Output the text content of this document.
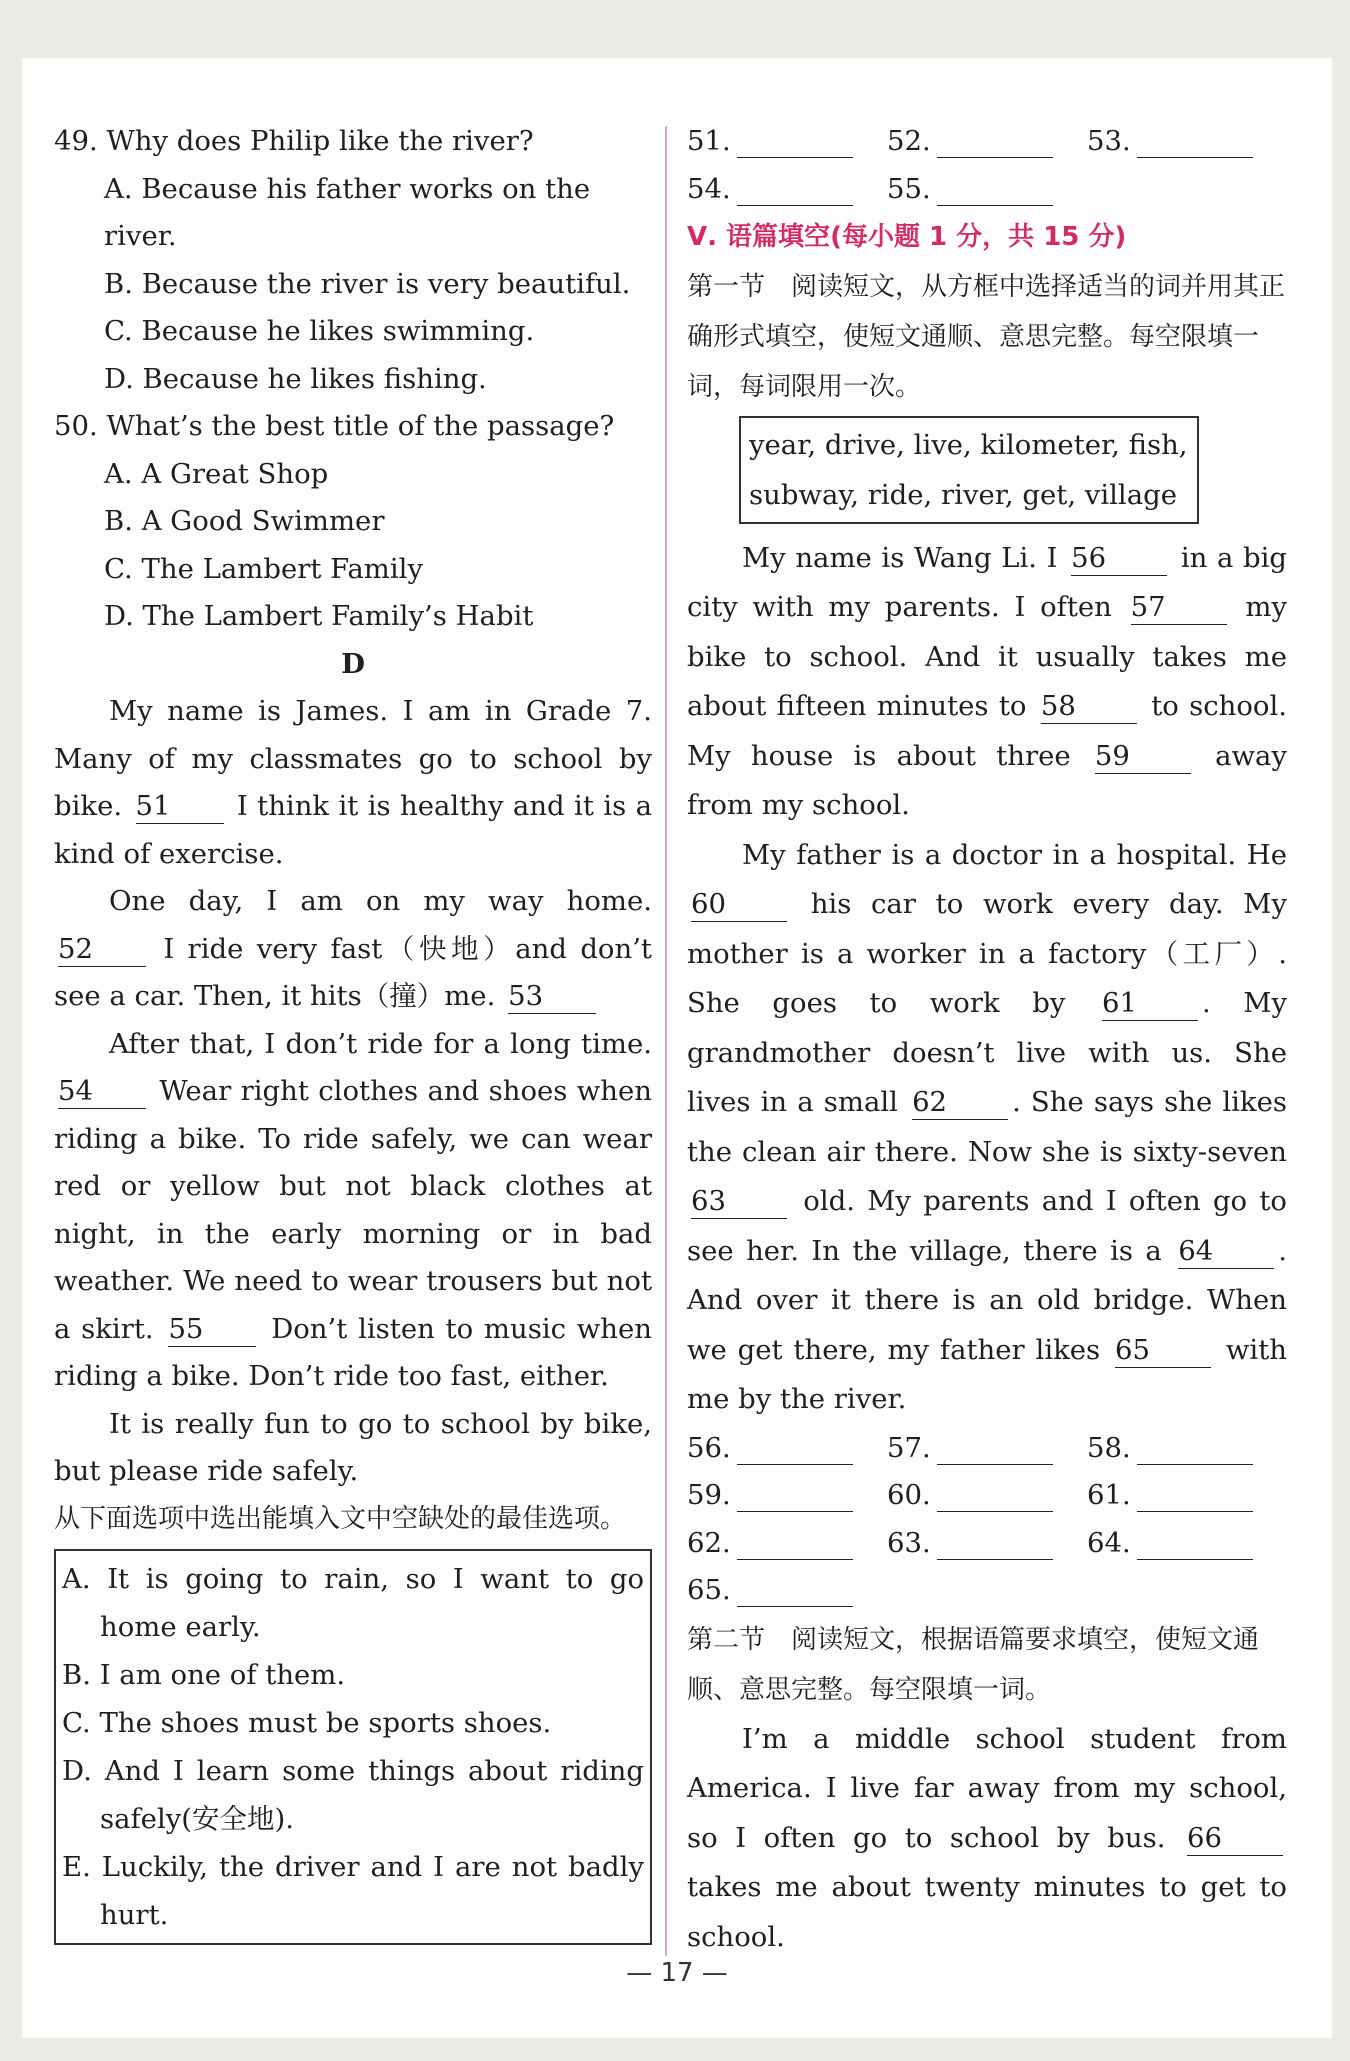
49. Why does Philip like the river?
A. Because his father works on the river.
B. Because the river is very beautiful.
C. Because he likes swimming.
D. Because he likes fishing.
50. What’s the best title of the passage?
A. A Great Shop
B. A Good Swimmer
C. The Lambert Family
D. The Lambert Family’s Habit
D
My name is James. I am in Grade 7. Many of my classmates go to school by bike. 51 I think it is healthy and it is a kind of exercise.
One day, I am on my way home. 52	I ride very fast（快地）and don’t see a car. Then, it hits（撞）me. 53
After that, I don’t ride for a long time. 54 Wear right clothes and shoes when riding a bike. To ride safely, we can wear red or yellow but not black clothes at night, in the early morning or in bad weather. We need to wear trousers but not a skirt. 55 Don’t listen to music when riding a bike. Don’t ride too fast, either.
It is really fun to go to school by bike, but please ride safely.
从下面选项中选出能填入文中空缺处的最佳选项。
A. It is going to rain, so I want to go home early.
B. I am one of them.
C. The shoes must be sports shoes.
D. And I learn some things about riding safely(安全地).
E. Luckily, the driver and I are not badly hurt.
51.	52.	53.
54.	55.
Ⅴ. 语篇填空(每小题 1 分，共 15 分)
第一节　阅读短文，从方框中选择适当的词并用其正确形式填空，使短文通顺、意思完整。每空限填一词，每词限用一次。
year, drive, live, kilometer, fish,
subway, ride, river, get, village
My name is Wang Li. I 56	in a big city with my parents. I often 57	my bike to school. And it usually takes me about fifteen minutes to 58	to school. My house is about three 59	away from my school.
My father is a doctor in a hospital. He 60	his car to work every day. My mother is a worker in a factory（工厂）. She goes to work by 61 . My grandmother doesn’t live with us. She lives in a small 62 . She says she likes the clean air there. Now she is sixty-seven 63	old. My parents and I often go to see her. In the village, there is a 64 . And over it there is an old bridge. When we get there, my father likes 65	with me by the river.
56.	57.	58.
59.	60.	61.
62.	63.	64.
65.
第二节　阅读短文，根据语篇要求填空，使短文通顺、意思完整。每空限填一词。
I’m a middle school student from America. I live far away from my school, so I often go to school by bus. 66 takes me about twenty minutes to get to school.
— 17 —
